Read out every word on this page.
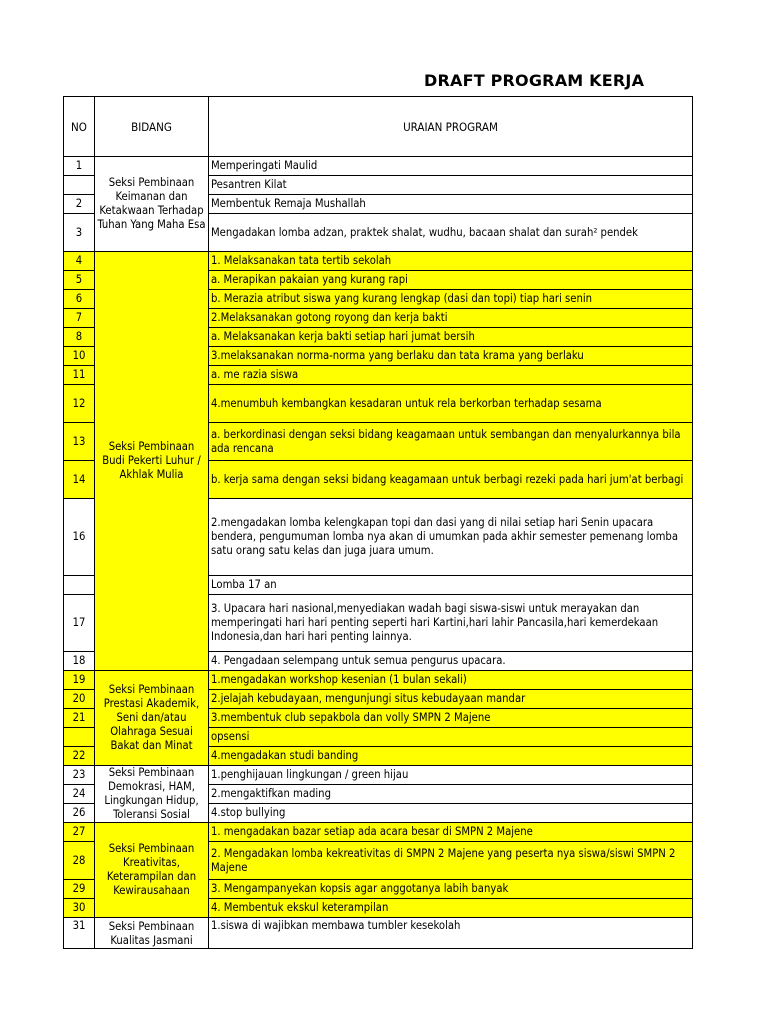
DRAFT PROGRAM KERJA
NO	BIDANG	URAIAN PROGRAM
1	Seksi Pembinaan Keimanan dan Ketakwaan Terhadap Tuhan Yang Maha Esa	Memperingati Maulid
		Pesantren Kilat
2		Membentuk Remaja Mushallah
3		Mengadakan lomba adzan, praktek shalat, wudhu, bacaan shalat dan surah² pendek
4	Seksi Pembinaan Budi Pekerti Luhur / Akhlak Mulia	1. Melaksanakan tata tertib sekolah
5		a. Merapikan pakaian yang kurang rapi
6		b. Merazia atribut siswa yang kurang lengkap (dasi dan topi) tiap hari senin
7		2.Melaksanakan gotong royong dan kerja bakti
8		a. Melaksanakan kerja bakti setiap hari jumat bersih
10		3.melaksanakan norma-norma yang berlaku dan tata krama yang berlaku
11		a. me razia siswa
12		4.menumbuh kembangkan kesadaran untuk rela berkorban terhadap sesama
13		a. berkordinasi dengan seksi bidang keagamaan untuk sembangan dan menyalurkannya bila ada rencana
14		b. kerja sama dengan seksi bidang keagamaan untuk berbagi rezeki pada hari jum'at berbagi
16		2.mengadakan lomba kelengkapan topi dan dasi yang di nilai setiap hari Senin upacara bendera, pengumuman lomba nya akan di umumkan pada akhir semester pemenang lomba satu orang satu kelas dan juga juara umum.
		Lomba 17 an
17		3. Upacara hari nasional,menyediakan wadah bagi siswa-siswi untuk merayakan dan memperingati hari hari penting seperti hari Kartini,hari lahir Pancasila,hari kemerdekaan Indonesia,dan hari hari penting lainnya.
18		4. Pengadaan selempang untuk semua pengurus upacara.
19	Seksi Pembinaan Prestasi Akademik, Seni dan/atau Olahraga Sesuai Bakat dan Minat	1.mengadakan workshop kesenian (1 bulan sekali)
20		2.jelajah kebudayaan, mengunjungi situs kebudayaan mandar
21		3.membentuk club sepakbola dan volly SMPN 2 Majene
		opsensi
22		4.mengadakan studi banding
23	Seksi Pembinaan Demokrasi, HAM, Lingkungan Hidup, Toleransi Sosial	1.penghijauan lingkungan / green hijau
24		2.mengaktifkan mading
26		4.stop bullying
27	Seksi Pembinaan Kreativitas, Keterampilan dan Kewirausahaan	1. mengadakan bazar setiap ada acara besar di SMPN 2 Majene
28		2. Mengadakan lomba kekreativitas di SMPN 2 Majene yang peserta nya siswa/siswi SMPN 2 Majene
29		3. Mengampanyekan kopsis agar anggotanya labih banyak
30		4. Membentuk ekskul keterampilan
31	Seksi Pembinaan Kualitas Jasmani	1.siswa di wajibkan membawa tumbler kesekolah
